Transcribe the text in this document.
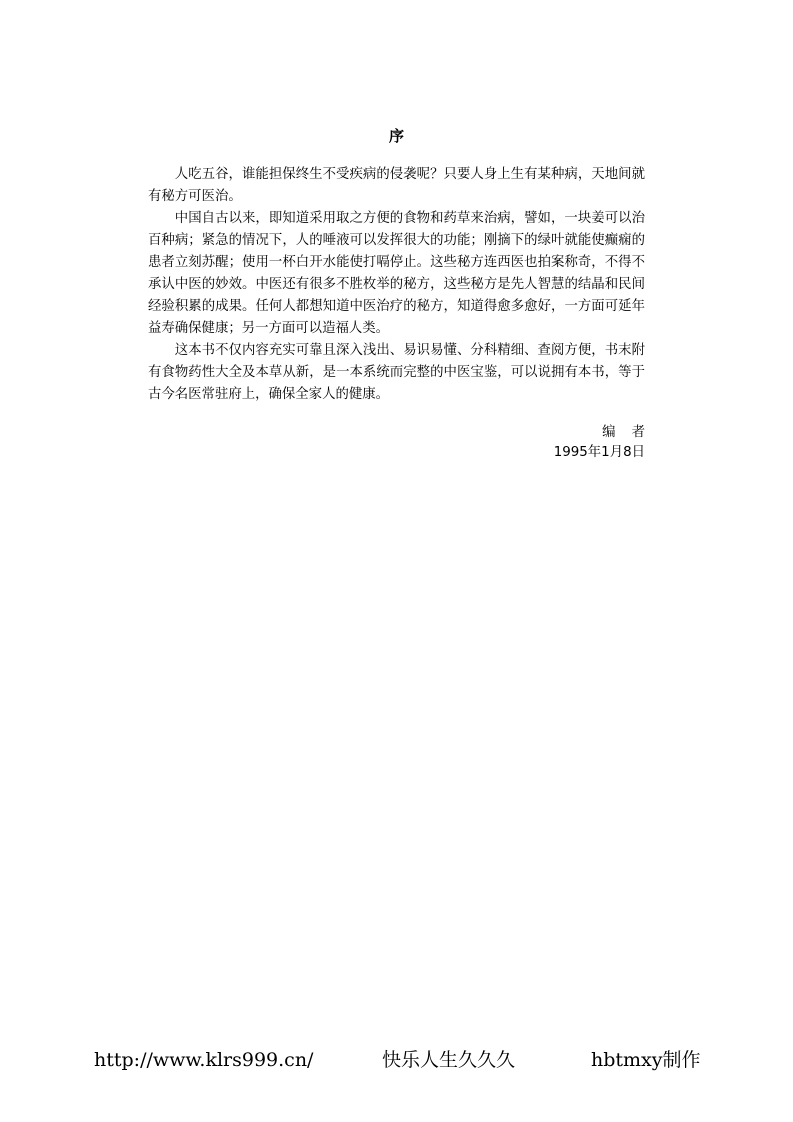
序

人吃五谷，谁能担保终生不受疾病的侵袭呢？只要人身上生有某种病，天地间就有秘方可医治。

中国自古以来，即知道采用取之方便的食物和药草来治病，譬如，一块姜可以治百种病；紧急的情况下，人的唾液可以发挥很大的功能；刚摘下的绿叶就能使癫痫的患者立刻苏醒；使用一杯白开水能使打嗝停止。这些秘方连西医也拍案称奇，不得不承认中医的妙效。中医还有很多不胜枚举的秘方，这些秘方是先人智慧的结晶和民间经验积累的成果。任何人都想知道中医治疗的秘方，知道得愈多愈好，一方面可延年益寿确保健康；另一方面可以造福人类。

这本书不仅内容充实可靠且深入浅出、易识易懂、分科精细、查阅方便，书末附有食物药性大全及本草从新，是一本系统而完整的中医宝鉴，可以说拥有本书，等于古今名医常驻府上，确保全家人的健康。

编者
1995年1月8日
http://www.klrs999.cn/	快乐人生久久久	hbtmxy制作
